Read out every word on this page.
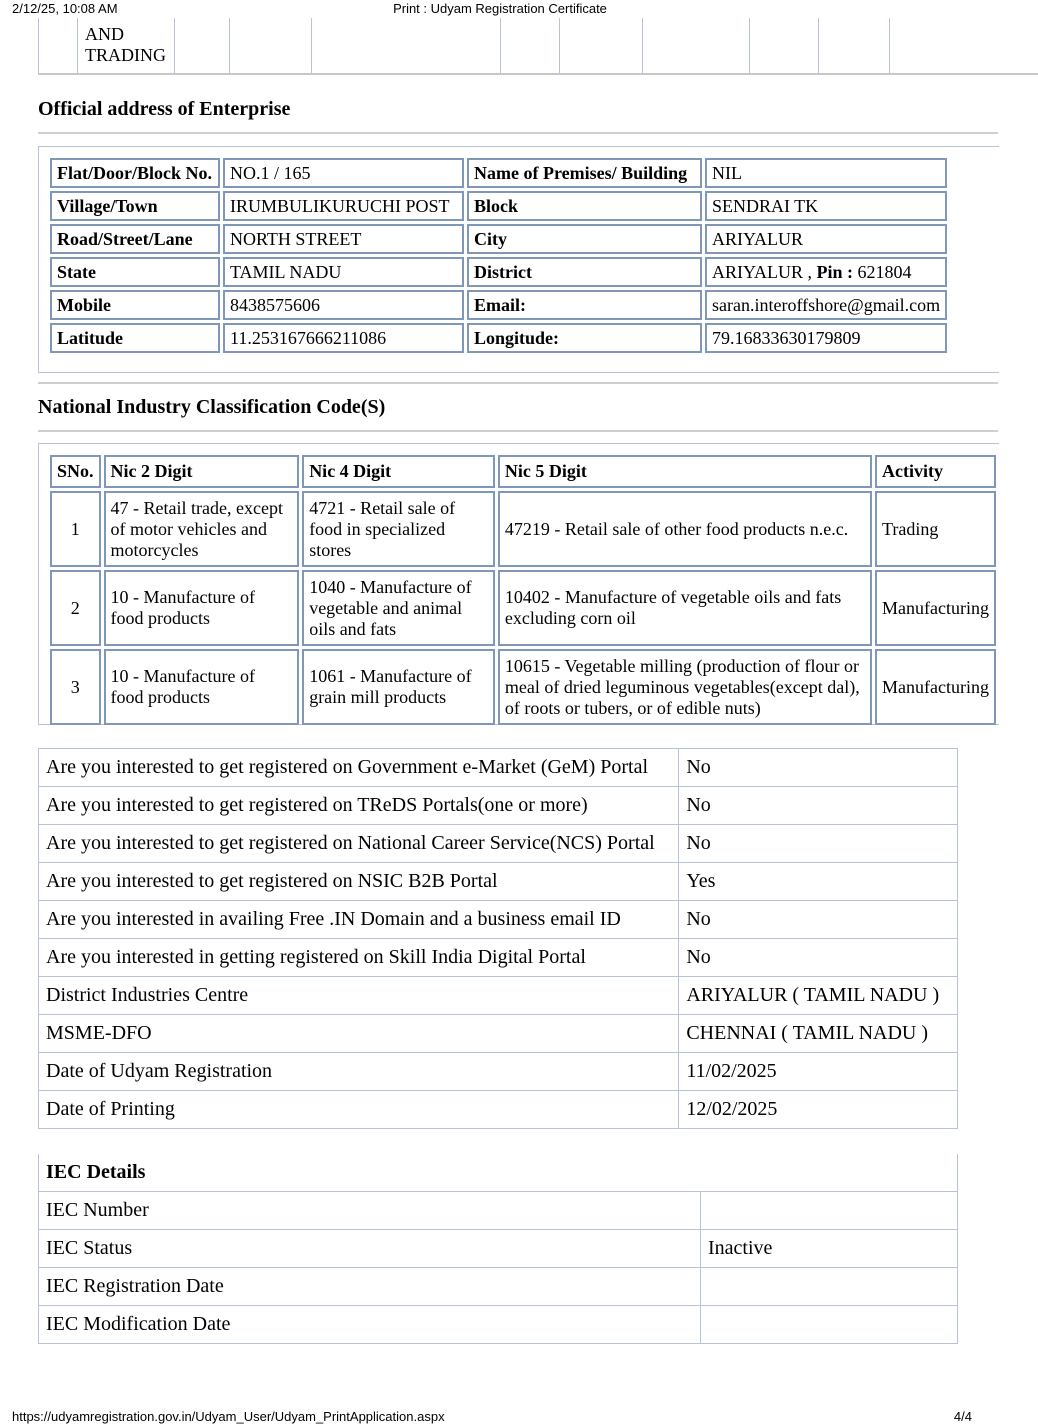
2/12/25, 10:08 AM	Print : Udyam Registration Certificate
AND
TRADING
Official address of Enterprise
Flat/Door/Block No.	NO.1 / 165	Name of Premises/ Building	NIL
Village/Town	IRUMBULIKURUCHI POST	Block	SENDRAI TK
Road/Street/Lane	NORTH STREET	City	ARIYALUR
State	TAMIL NADU	District	ARIYALUR , Pin : 621804
Mobile	8438575606	Email:	saran.interoffshore@gmail.com
Latitude	11.253167666211086	Longitude:	79.16833630179809
National Industry Classification Code(S)
SNo.	Nic 2 Digit	Nic 4 Digit	Nic 5 Digit	Activity
1	47 - Retail trade, except of motor vehicles and motorcycles	4721 - Retail sale of food in specialized stores	47219 - Retail sale of other food products n.e.c.	Trading
2	10 - Manufacture of food products	1040 - Manufacture of vegetable and animal oils and fats	10402 - Manufacture of vegetable oils and fats excluding corn oil	Manufacturing
3	10 - Manufacture of food products	1061 - Manufacture of grain mill products	10615 - Vegetable milling (production of flour or meal of dried leguminous vegetables(except dal), of roots or tubers, or of edible nuts)	Manufacturing
Are you interested to get registered on Government e-Market (GeM) Portal	No
Are you interested to get registered on TReDS Portals(one or more)	No
Are you interested to get registered on National Career Service(NCS) Portal	No
Are you interested to get registered on NSIC B2B Portal	Yes
Are you interested in availing Free .IN Domain and a business email ID	No
Are you interested in getting registered on Skill India Digital Portal	No
District Industries Centre	ARIYALUR ( TAMIL NADU )
MSME-DFO	CHENNAI ( TAMIL NADU )
Date of Udyam Registration	11/02/2025
Date of Printing	12/02/2025
IEC Details	
IEC Number	
IEC Status	Inactive
IEC Registration Date	
IEC Modification Date	
https://udyamregistration.gov.in/Udyam_User/Udyam_PrintApplication.aspx	4/4
